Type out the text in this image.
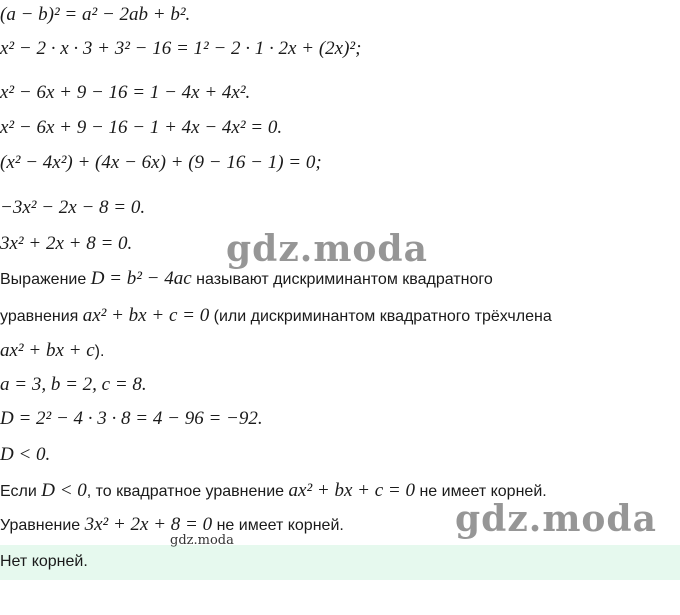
(a − b)² = a² − 2ab + b².
x² − 2 · x · 3 + 3² − 16 = 1² − 2 · 1 · 2x + (2x)²;
x² − 6x + 9 − 16 = 1 − 4x + 4x².
x² − 6x + 9 − 16 − 1 + 4x − 4x² = 0.
(x² − 4x²) + (4x − 6x) + (9 − 16 − 1) = 0;
−3x² − 2x − 8 = 0.
3x² + 2x + 8 = 0.
Выражение D = b² − 4ac называют дискриминантом квадратного
уравнения ax² + bx + c = 0 (или дискриминантом квадратного трёхчлена
ax² + bx + c).
a = 3, b = 2, c = 8.
D = 2² − 4 · 3 · 8 = 4 − 96 = −92.
D < 0.
Если D < 0, то квадратное уравнение ax² + bx + c = 0 не имеет корней.
Уравнение 3x² + 2x + 8 = 0 не имеет корней.
Нет корней.
gdz.moda
gdz.moda
gdz.moda
